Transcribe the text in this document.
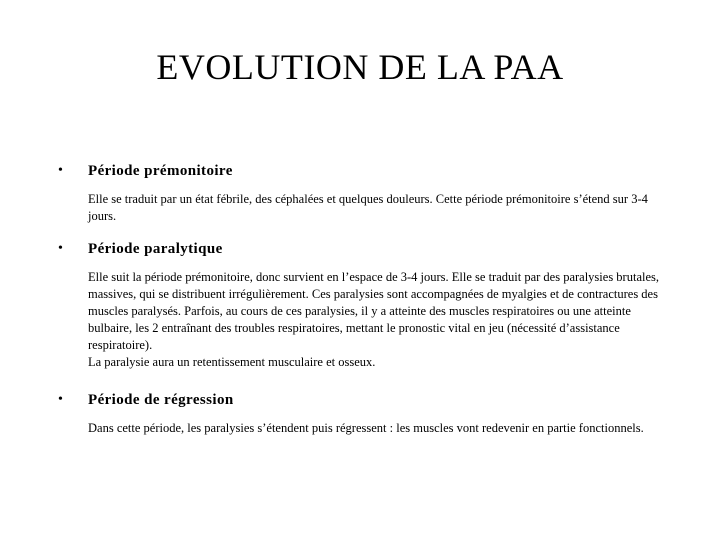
EVOLUTION DE LA PAA
• Période prémonitoire

Elle se traduit par un état fébrile, des céphalées et quelques douleurs. Cette période prémonitoire s’étend sur 3-4 jours.

• Période paralytique

Elle suit la période prémonitoire, donc survient en l’espace de 3-4 jours. Elle se traduit par des paralysies brutales, massives, qui se distribuent irrégulièrement. Ces paralysies sont accompagnées de myalgies et de contractures des muscles paralysés. Parfois, au cours de ces paralysies, il y a atteinte des muscles respiratoires ou une atteinte bulbaire, les 2 entraînant des troubles respiratoires, mettant le pronostic vital en jeu (nécessité d’assistance respiratoire).

La paralysie aura un retentissement musculaire et osseux.

• Période de régression

Dans cette période, les paralysies s’étendent puis régressent : les muscles vont redevenir en partie fonctionnels.
